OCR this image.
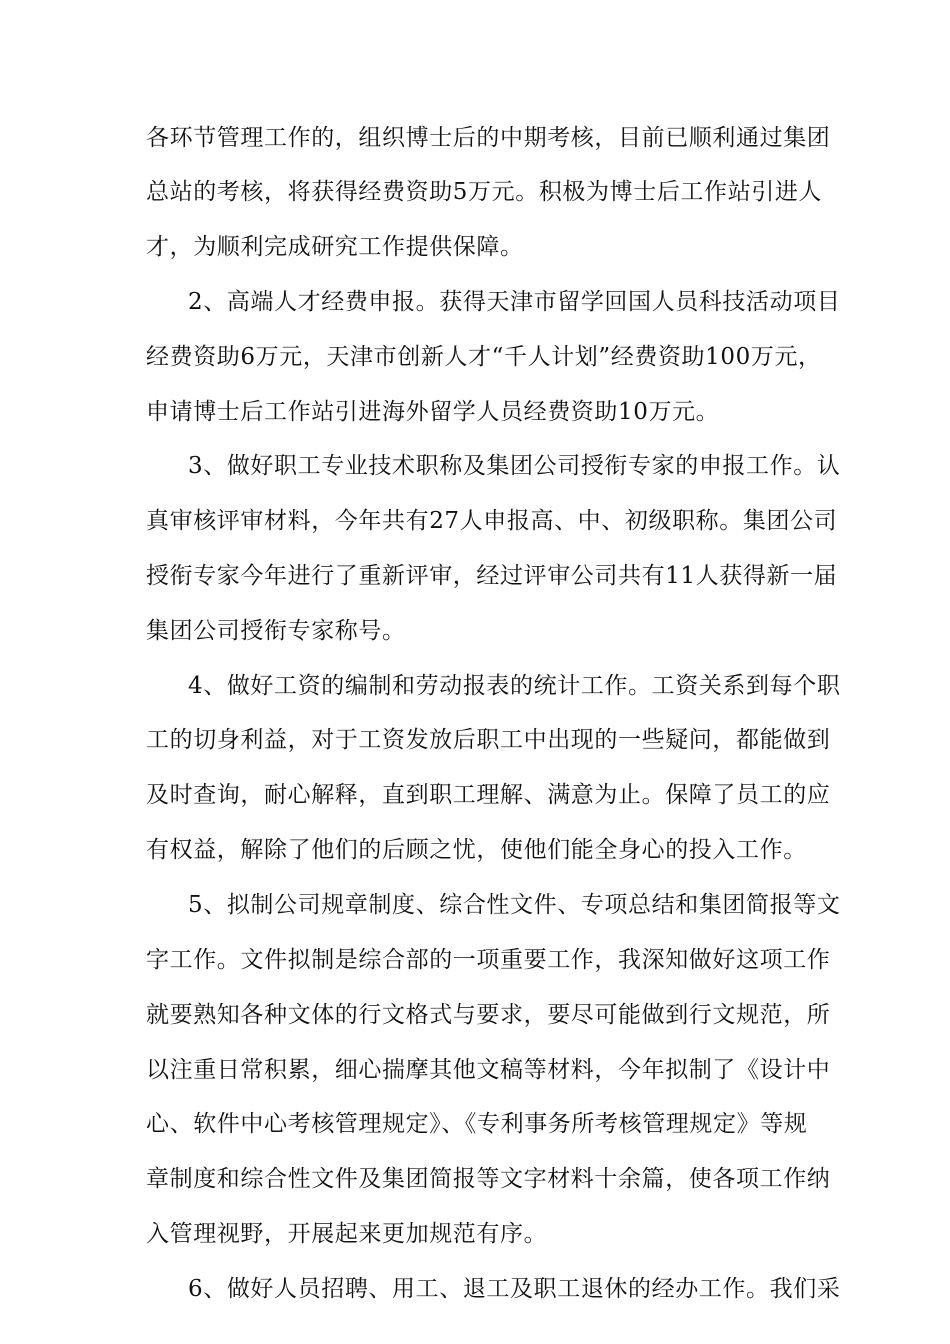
各环节管理工作的，组织博士后的中期考核，目前已顺利通过集团
总站的考核，将获得经费资助5万元。积极为博士后工作站引进人
才，为顺利完成研究工作提供保障。
2、高端人才经费申报。获得天津市留学回国人员科技活动项目
经费资助6万元，天津市创新人才“千人计划”经费资助100万元，
申请博士后工作站引进海外留学人员经费资助10万元。
3、做好职工专业技术职称及集团公司授衔专家的申报工作。认
真审核评审材料，今年共有27人申报高、中、初级职称。集团公司
授衔专家今年进行了重新评审，经过评审公司共有11人获得新一届
集团公司授衔专家称号。
4、做好工资的编制和劳动报表的统计工作。工资关系到每个职
工的切身利益，对于工资发放后职工中出现的一些疑问，都能做到
及时查询，耐心解释，直到职工理解、满意为止。保障了员工的应
有权益，解除了他们的后顾之忧，使他们能全身心的投入工作。
5、拟制公司规章制度、综合性文件、专项总结和集团简报等文
字工作。文件拟制是综合部的一项重要工作，我深知做好这项工作
就要熟知各种文体的行文格式与要求，要尽可能做到行文规范，所
以注重日常积累，细心揣摩其他文稿等材料，今年拟制了《设计中
心、软件中心考核管理规定》、《专利事务所考核管理规定》等规
章制度和综合性文件及集团简报等文字材料十余篇，使各项工作纳
入管理视野，开展起来更加规范有序。
6、做好人员招聘、用工、退工及职工退休的经办工作。我们采
